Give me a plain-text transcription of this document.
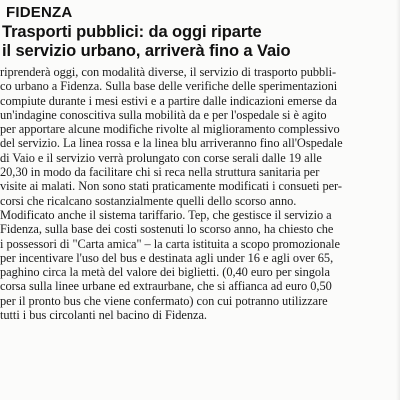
FIDENZA
Trasporti pubblici: da oggi riparte
il servizio urbano, arriverà fino a Vaio
riprenderà oggi, con modalità diverse, il servizio di trasporto pubbli-
co urbano a Fidenza. Sulla base delle verifiche delle sperimentazioni
compiute durante i mesi estivi e a partire dalle indicazioni emerse da
un'indagine conoscitiva sulla mobilità da e per l'ospedale si è agito
per apportare alcune modifiche rivolte al miglioramento complessivo
del servizio. La linea rossa e la linea blu arriveranno fino all'Ospedale
di Vaio e il servizio verrà prolungato con corse serali dalle 19 alle
20,30 in modo da facilitare chi si reca nella struttura sanitaria per
visite ai malati. Non sono stati praticamente modificati i consueti per-
corsi che ricalcano sostanzialmente quelli dello scorso anno.
Modificato anche il sistema tariffario. Tep, che gestisce il servizio a
Fidenza, sulla base dei costi sostenuti lo scorso anno, ha chiesto che
i possessori di "Carta amica" – la carta istituita a scopo promozionale
per incentivare l'uso del bus e destinata agli under 16 e agli over 65,
paghino circa la metà del valore dei biglietti. (0,40 euro per singola
corsa sulla linee urbane ed extraurbane, che si affianca ad euro 0,50
per il pronto bus che viene confermato) con cui potranno utilizzare
tutti i bus circolanti nel bacino di Fidenza.
